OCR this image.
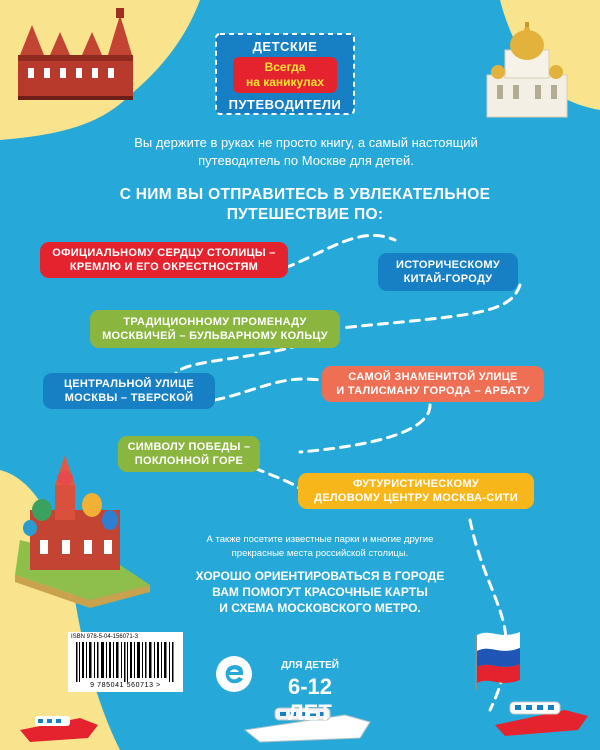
ДЕТСКИЕ
Всегда
на каникулах
ПУТЕВОДИТЕЛИ
Вы держите в руках не просто книгу, а самый настоящий
путеводитель по Москве для детей.
С НИМ ВЫ ОТПРАВИТЕСЬ В УВЛЕКАТЕЛЬНОЕ
ПУТЕШЕСТВИЕ ПО:
ОФИЦИАЛЬНОМУ СЕРДЦУ СТОЛИЦЫ –
КРЕМЛЮ И ЕГО ОКРЕСТНОСТЯМ	ИСТОРИЧЕСКОМУ
КИТАЙ-ГОРОДУ
ТРАДИЦИОННОМУ ПРОМЕНАДУ
МОСКВИЧЕЙ – БУЛЬВАРНОМУ КОЛЬЦУ
ЦЕНТРАЛЬНОЙ УЛИЦЕ
МОСКВЫ – ТВЕРСКОЙ
САМОЙ ЗНАМЕНИТОЙ УЛИЦЕ
И ТАЛИСМАНУ ГОРОДА – АРБАТУ
СИМВОЛУ ПОБЕДЫ –
ПОКЛОННОЙ ГОРЕ
ФУТУРИСТИЧЕСКОМУ
ДЕЛОВОМУ ЦЕНТРУ МОСКВА-СИТИ
А также посетите известные парки и многие другие
прекрасные места российской столицы.
ХОРОШО ОРИЕНТИРОВАТЬСЯ В ГОРОДЕ
ВАМ ПОМОГУТ КРАСОЧНЫЕ КАРТЫ
И СХЕМА МОСКОВСКОГО МЕТРО.
ISBN 978-5-04-156071-3
9 785041 560713 >
ДЛЯ ДЕТЕЙ
6-12 ЛЕТ
